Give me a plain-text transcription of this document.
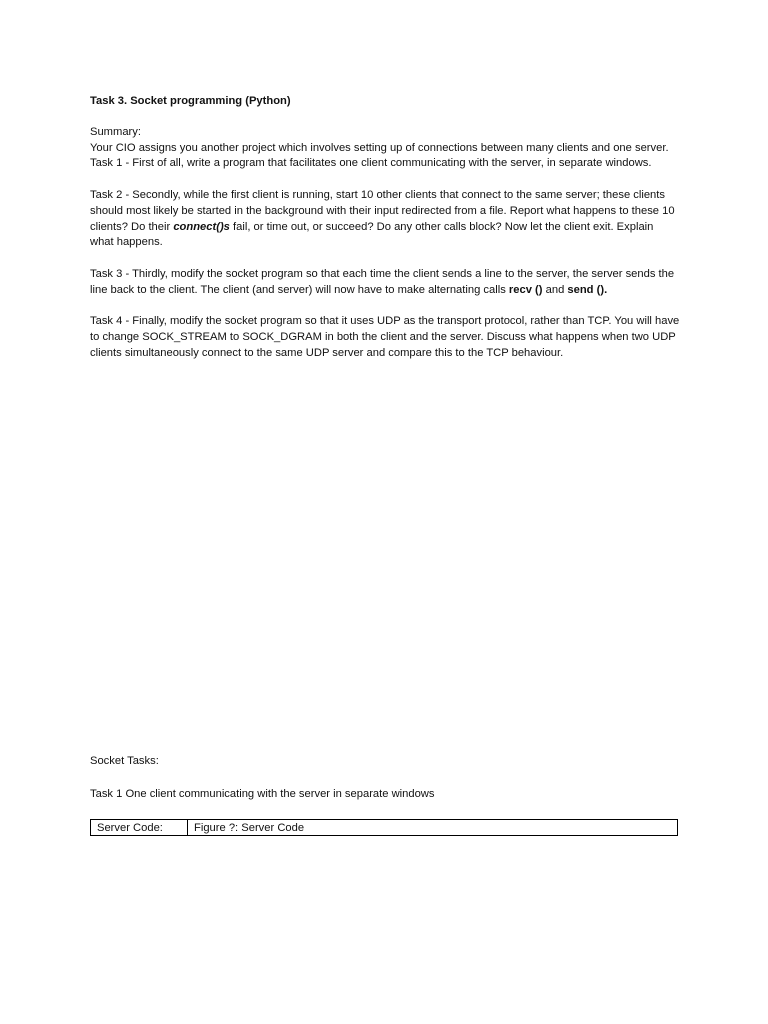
Task 3. Socket programming (Python)
Summary:
Your CIO assigns you another project which involves setting up of connections between many clients and one server.
Task 1 - First of all, write a program that facilitates one client communicating with the server, in separate windows.
Task 2 - Secondly, while the first client is running, start 10 other clients that connect to the same server; these clients should most likely be started in the background with their input redirected from a file. Report what happens to these 10 clients? Do their connect()s fail, or time out, or succeed? Do any other calls block? Now let the client exit. Explain what happens.
Task 3 - Thirdly, modify the socket program so that each time the client sends a line to the server, the server sends the line back to the client. The client (and server) will now have to make alternating calls recv () and send ().
Task 4 - Finally, modify the socket program so that it uses UDP as the transport protocol, rather than TCP. You will have to change SOCK_STREAM to SOCK_DGRAM in both the client and the server. Discuss what happens when two UDP clients simultaneously connect to the same UDP server and compare this to the TCP behaviour.
Socket Tasks:
Task 1 One client communicating with the server in separate windows
Server Code:	Figure ?: Server Code
